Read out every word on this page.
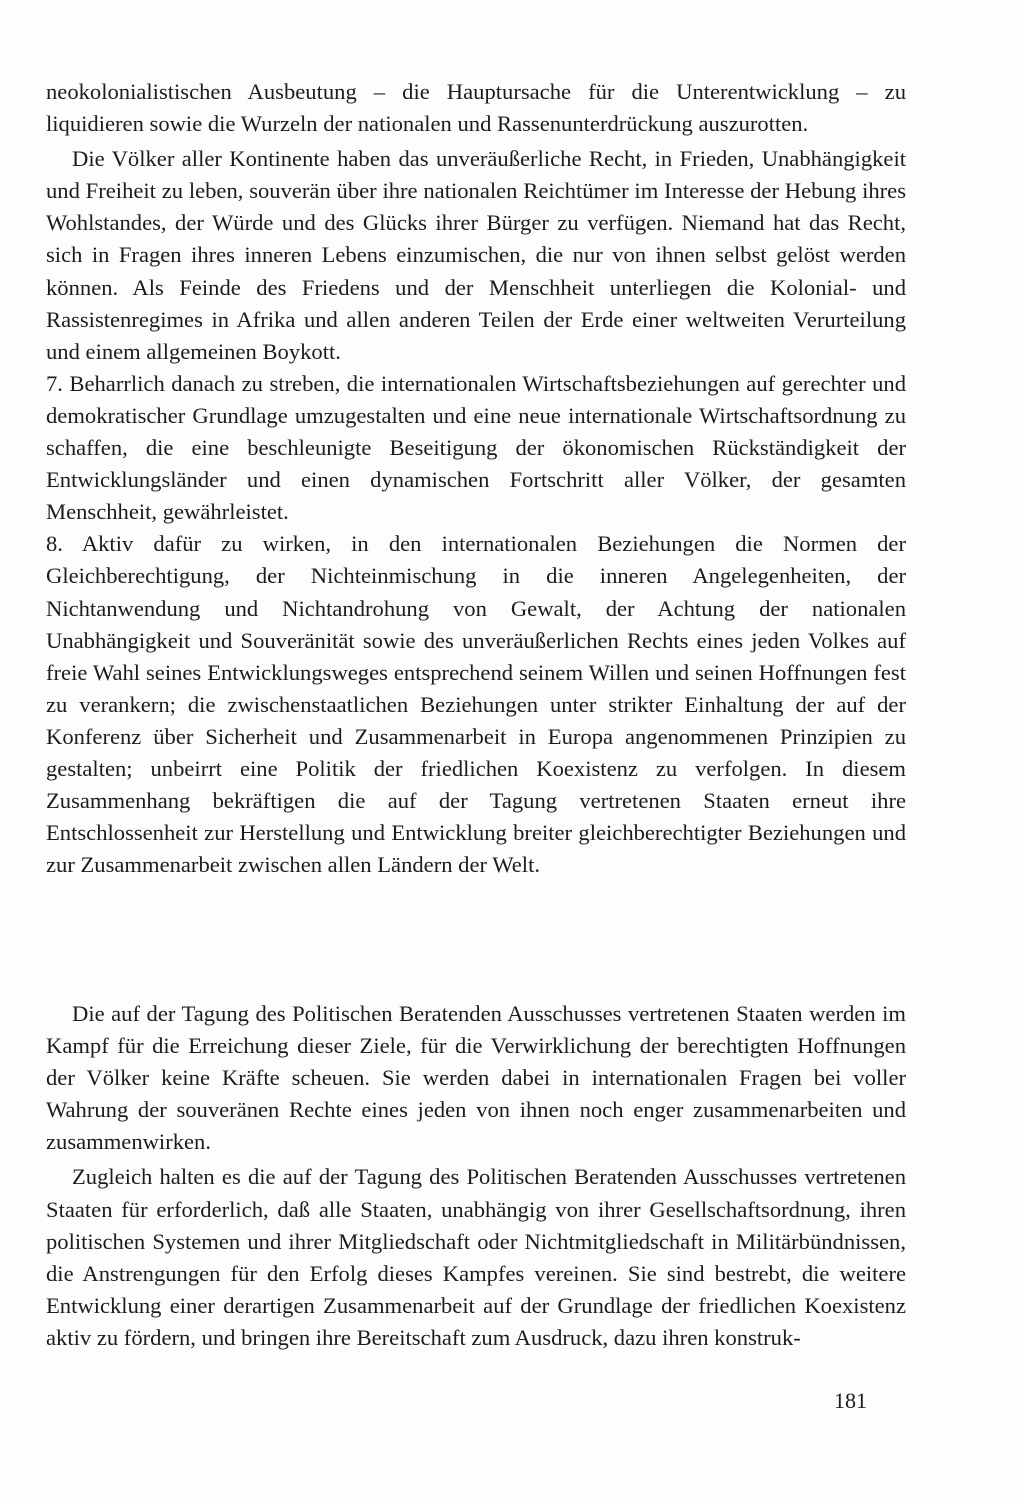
neokolonialistischen Ausbeutung – die Hauptursache für die Unterentwicklung – zu liquidieren sowie die Wurzeln der nationalen und Rassenunterdrückung auszurotten.

Die Völker aller Kontinente haben das unveräußerliche Recht, in Frieden, Unabhängigkeit und Freiheit zu leben, souverän über ihre nationalen Reichtümer im Interesse der Hebung ihres Wohlstandes, der Würde und des Glücks ihrer Bürger zu verfügen. Niemand hat das Recht, sich in Fragen ihres inneren Lebens einzumischen, die nur von ihnen selbst gelöst werden können. Als Feinde des Friedens und der Menschheit unterliegen die Kolonial- und Rassistenregimes in Afrika und allen anderen Teilen der Erde einer weltweiten Verurteilung und einem allgemeinen Boykott.

7. Beharrlich danach zu streben, die internationalen Wirtschaftsbeziehungen auf gerechter und demokratischer Grundlage umzugestalten und eine neue internationale Wirtschaftsordnung zu schaffen, die eine beschleunigte Beseitigung der ökonomischen Rückständigkeit der Entwicklungsländer und einen dynamischen Fortschritt aller Völker, der gesamten Menschheit, gewährleistet.

8. Aktiv dafür zu wirken, in den internationalen Beziehungen die Normen der Gleichberechtigung, der Nichteinmischung in die inneren Angelegenheiten, der Nichtanwendung und Nichtandrohung von Gewalt, der Achtung der nationalen Unabhängigkeit und Souveränität sowie des unveräußerlichen Rechts eines jeden Volkes auf freie Wahl seines Entwicklungsweges entsprechend seinem Willen und seinen Hoffnungen fest zu verankern; die zwischenstaatlichen Beziehungen unter strikter Einhaltung der auf der Konferenz über Sicherheit und Zusammenarbeit in Europa angenommenen Prinzipien zu gestalten; unbeirrt eine Politik der friedlichen Koexistenz zu verfolgen. In diesem Zusammenhang bekräftigen die auf der Tagung vertretenen Staaten erneut ihre Entschlossenheit zur Herstellung und Entwicklung breiter gleichberechtigter Beziehungen und zur Zusammenarbeit zwischen allen Ländern der Welt.

Die auf der Tagung des Politischen Beratenden Ausschusses vertretenen Staaten werden im Kampf für die Erreichung dieser Ziele, für die Verwirklichung der berechtigten Hoffnungen der Völker keine Kräfte scheuen. Sie werden dabei in internationalen Fragen bei voller Wahrung der souveränen Rechte eines jeden von ihnen noch enger zusammenarbeiten und zusammenwirken.

Zugleich halten es die auf der Tagung des Politischen Beratenden Ausschusses vertretenen Staaten für erforderlich, daß alle Staaten, unabhängig von ihrer Gesellschaftsordnung, ihren politischen Systemen und ihrer Mitgliedschaft oder Nichtmitgliedschaft in Militärbündnissen, die Anstrengungen für den Erfolg dieses Kampfes vereinen. Sie sind bestrebt, die weitere Entwicklung einer derartigen Zusammenarbeit auf der Grundlage der friedlichen Koexistenz aktiv zu fördern, und bringen ihre Bereitschaft zum Ausdruck, dazu ihren konstruk-

181
